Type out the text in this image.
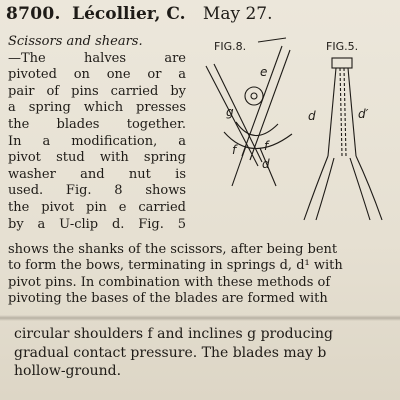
8700. Lécollier, C. May 27.
Scissors and shears.
—The halves are
pivoted on one or a
pair of pins carried by
a spring which presses
the blades together.
In a modification, a
pivot stud with spring
washer and nut is
used. Fig. 8 shows
the pivot pin e carried
by a U-clip d. Fig. 5
FIG.8.
e
g
f f
d
FIG.5.
d	d′
shows the shanks of the scissors, after being bent
to form the bows, terminating in springs d, d¹ with
pivot pins. In combination with these methods of
pivoting the bases of the blades are formed with
circular shoulders f and inclines g producing
gradual contact pressure. The blades may b
hollow-ground.
